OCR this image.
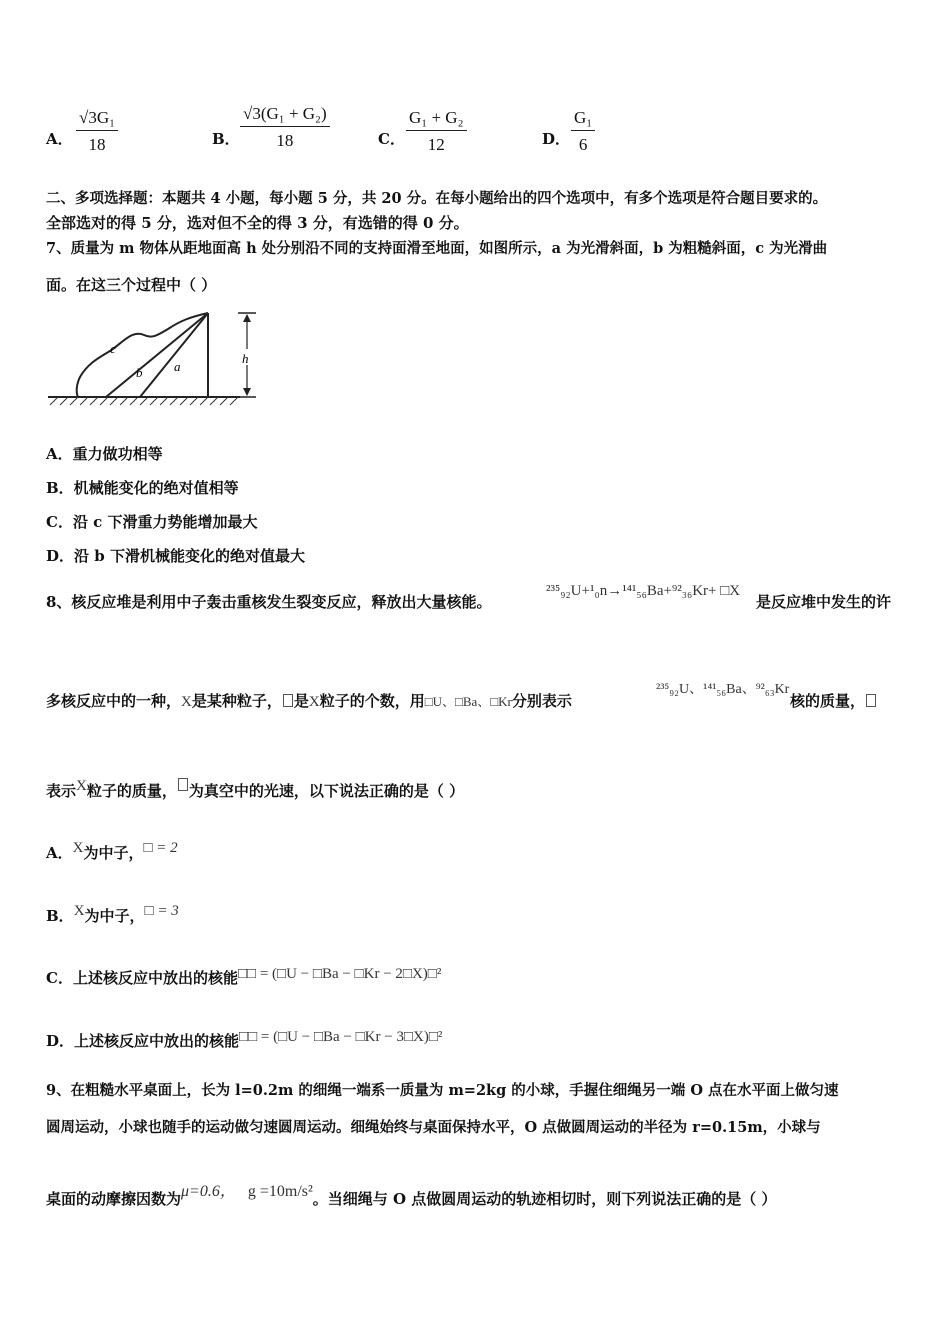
A． $\frac{\text{√3G₁}}{18}$	B． $\frac{\text{√3(G₁ + G₂)}}{18}$	C． $\frac{\text{G₁ + G₂}}{12}$	D． $\frac{\text{G₁}}{6}$
二、多项选择题：本题共 4 小题，每小题 5 分，共 20 分。在每小题给出的四个选项中，有多个选项是符合题目要求的。
全部选对的得 5 分，选对但不全的得 3 分，有选错的得 0 分。
7、质量为 m 物体从距地面高 h 处分别沿不同的支持面滑至地面，如图所示，a 为光滑斜面，b 为粗糙斜面，c 为光滑曲
面。在这三个过程中（ ）
c
b a
h
A．重力做功相等
B．机械能变化的绝对值相等
C．沿 c 下滑重力势能增加最大
D．沿 b 下滑机械能变化的绝对值最大
8、核反应堆是利用中子轰击重核发生裂变反应，释放出大量核能。
²³⁵₉₂U+¹₀n→¹⁴¹₅₆Ba+⁹²₃₆Kr+ □X
是反应堆中发生的许
多核反应中的一种，X是某种粒子， 是X粒子的个数，用□U、□Ba、□Kr分别表示
²³⁵₉₂U、¹⁴¹₅₆Ba、⁹²₆₃Kr
核的质量，
表示X粒子的质量， 为真空中的光速，以下说法正确的是（ ）
A．X为中子，□ = 2
B．X为中子，□ = 3
C．上述核反应中放出的核能□□ = (□U − □Ba − □Kr − 2□X)□²
D．上述核反应中放出的核能□□ = (□U − □Ba − □Kr − 3□X)□²
9、在粗糙水平桌面上，长为 l=0.2m 的细绳一端系一质量为 m=2kg 的小球，手握住细绳另一端 O 点在水平面上做匀速
圆周运动，小球也随手的运动做匀速圆周运动。细绳始终与桌面保持水平，O 点做圆周运动的半径为 r=0.15m，小球与
桌面的动摩擦因数为μ=0.6， g =10m/s²。当细绳与 O 点做圆周运动的轨迹相切时，则下列说法正确的是（ ）
